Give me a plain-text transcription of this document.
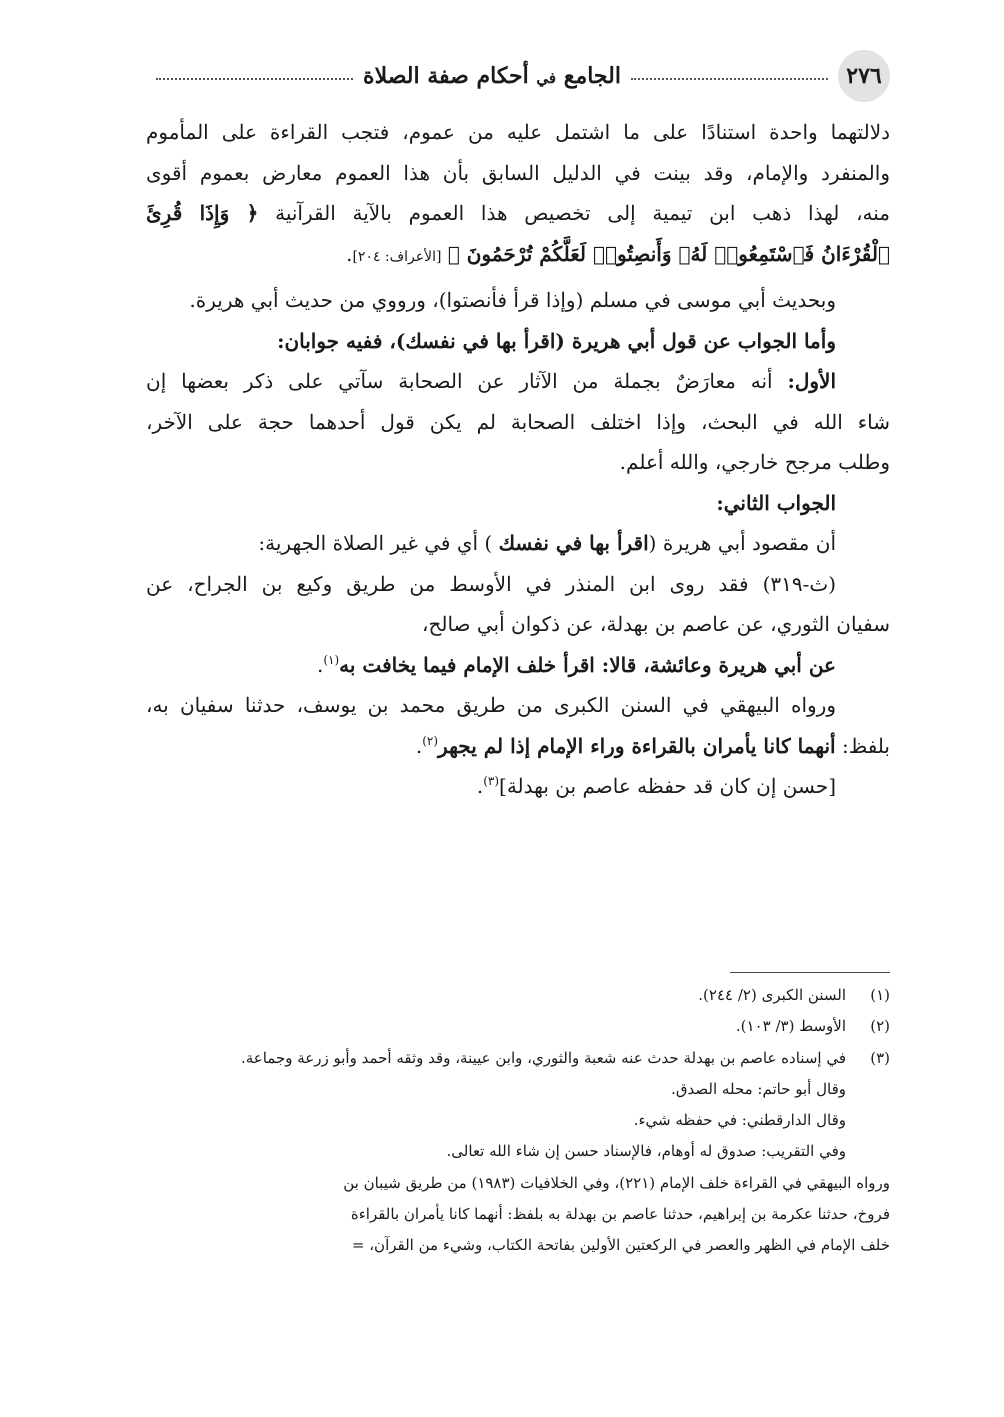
٢٧٦
الجامع في أحكام صفة الصلاة
دلالتهما واحدة استنادًا على ما اشتمل عليه من عموم، فتجب القراءة على المأموم
والمنفرد والإمام، وقد بينت في الدليل السابق بأن هذا العموم معارض بعموم أقوى
منه، لهذا ذهب ابن تيمية إلى تخصيص هذا العموم بالآية القرآنية ﴿ وَإِذَا قُرِئَ
ٱلْقُرْءَانُ فَٱسْتَمِعُوا۟ لَهُۥ وَأَنصِتُوا۟ لَعَلَّكُمْ تُرْحَمُونَ ﴾ [الأعراف: ٢٠٤].
وبحديث أبي موسى في مسلم (وإذا قرأ فأنصتوا)، ورووي من حديث أبي هريرة.
وأما الجواب عن قول أبي هريرة (اقرأ بها في نفسك)، ففيه جوابان:
الأول: أنه معارَضٌ بجملة من الآثار عن الصحابة سآتي على ذكر بعضها إن
شاء الله في البحث، وإذا اختلف الصحابة لم يكن قول أحدهما حجة على الآخر،
وطلب مرجح خارجي، والله أعلم.
الجواب الثاني:
أن مقصود أبي هريرة (اقرأ بها في نفسك ) أي في غير الصلاة الجهرية:
(ث-٣١٩) فقد روى ابن المنذر في الأوسط من طريق وكيع بن الجراح، عن
سفيان الثوري، عن عاصم بن بهدلة، عن ذكوان أبي صالح،
عن أبي هريرة وعائشة، قالا: اقرأ خلف الإمام فيما يخافت به$^{(١)}$.
ورواه البيهقي في السنن الكبرى من طريق محمد بن يوسف، حدثنا سفيان به،
بلفظ: أنهما كانا يأمران بالقراءة وراء الإمام إذا لم يجهر$^{(٢)}$.
[حسن إن كان قد حفظه عاصم بن بهدلة]$^{(٣)}$.
(١)السنن الكبرى (٢/ ٢٤٤).
(٢)الأوسط (٣/ ١٠٣).
(٣)في إسناده عاصم بن بهدلة حدث عنه شعبة والثوري، وابن عيينة، وقد وثقه أحمد وأبو زرعة وجماعة.
وقال أبو حاتم: محله الصدق.
وقال الدارقطني: في حفظه شيء.
وفي التقريب: صدوق له أوهام، فالإسناد حسن إن شاء الله تعالى.
ورواه البيهقي في القراءة خلف الإمام (٢٢١)، وفي الخلافيات (١٩٨٣) من طريق شيبان بن
فروخ، حدثنا عكرمة بن إبراهيم، حدثنا عاصم بن بهدلة به بلفظ: أنهما كانا يأمران بالقراءة
خلف الإمام في الظهر والعصر في الركعتين الأولين بفاتحة الكتاب، وشيء من القرآن، =
